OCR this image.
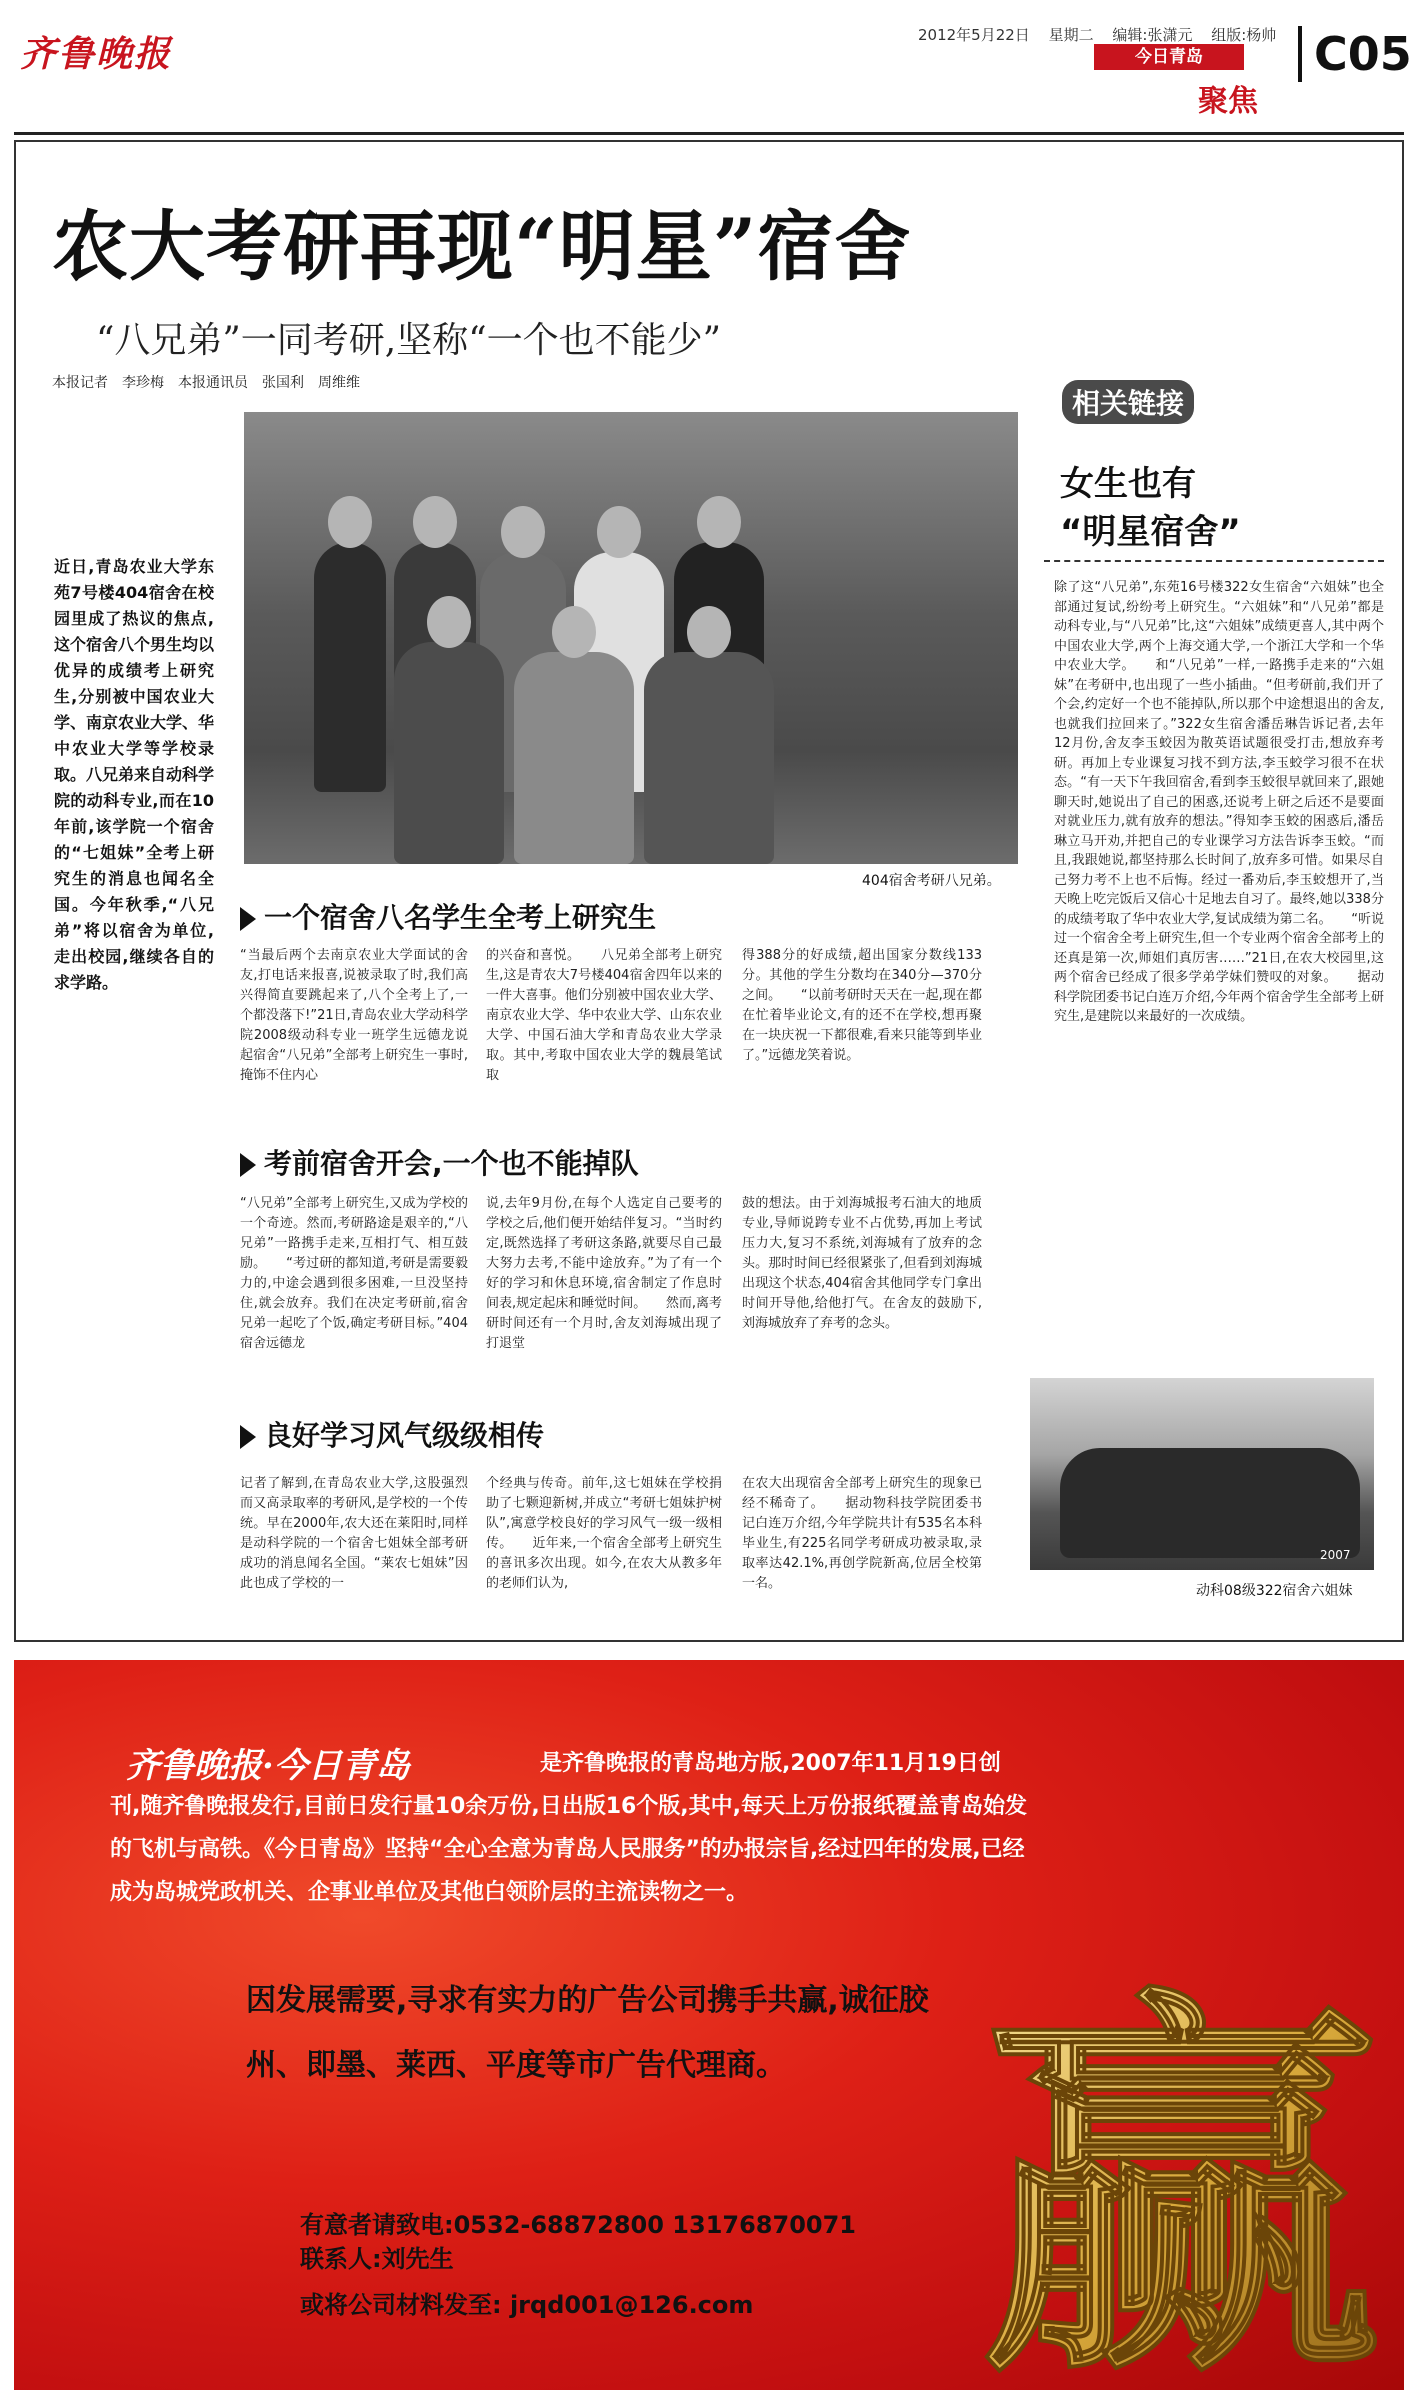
齐鲁晚报	2012年5月22日 星期二 编辑:张潇元 组版:杨帅
今日青岛
聚焦
C05
农大考研再现“明星”宿舍
“八兄弟”一同考研,坚称“一个也不能少”
本报记者　李珍梅　本报通讯员　张国利　周维维
404宿舍考研八兄弟。
近日,青岛农业大学东苑7号楼404宿舍在校园里成了热议的焦点,这个宿舍八个男生均以优异的成绩考上研究生,分别被中国农业大学、南京农业大学、华中农业大学等学校录取。八兄弟来自动科学院的动科专业,而在10年前,该学院一个宿舍的“七姐妹”全考上研究生的消息也闻名全国。今年秋季,“八兄弟”将以宿舍为单位,走出校园,继续各自的求学路。
一个宿舍八名学生全考上研究生
“当最后两个去南京农业大学面试的舍友,打电话来报喜,说被录取了时,我们高兴得简直要跳起来了,八个全考上了,一个都没落下!”21日,青岛农业大学动科学院2008级动科专业一班学生远德龙说起宿舍“八兄弟”全部考上研究生一事时,掩饰不住内心
的兴奋和喜悦。　　八兄弟全部考上研究生,这是青农大7号楼404宿舍四年以来的一件大喜事。他们分别被中国农业大学、南京农业大学、华中农业大学、山东农业大学、中国石油大学和青岛农业大学录取。其中,考取中国农业大学的魏晨笔试取
得388分的好成绩,超出国家分数线133分。其他的学生分数均在340分—370分之间。　　“以前考研时天天在一起,现在都在忙着毕业论文,有的还不在学校,想再聚在一块庆祝一下都很难,看来只能等到毕业了。”远德龙笑着说。
考前宿舍开会,一个也不能掉队
“八兄弟”全部考上研究生,又成为学校的一个奇迹。然而,考研路途是艰辛的,“八兄弟”一路携手走来,互相打气、相互鼓励。　　“考过研的都知道,考研是需要毅力的,中途会遇到很多困难,一旦没坚持住,就会放弃。我们在决定考研前,宿舍兄弟一起吃了个饭,确定考研目标。”404宿舍远德龙
说,去年9月份,在每个人选定自己要考的学校之后,他们便开始结伴复习。“当时约定,既然选择了考研这条路,就要尽自己最大努力去考,不能中途放弃。”为了有一个好的学习和休息环境,宿舍制定了作息时间表,规定起床和睡觉时间。　　然而,离考研时间还有一个月时,舍友刘海城出现了打退堂
鼓的想法。由于刘海城报考石油大的地质专业,导师说跨专业不占优势,再加上考试压力大,复习不系统,刘海城有了放弃的念头。那时时间已经很紧张了,但看到刘海城出现这个状态,404宿舍其他同学专门拿出时间开导他,给他打气。在舍友的鼓励下,刘海城放弃了弃考的念头。
良好学习风气级级相传
记者了解到,在青岛农业大学,这股强烈而又高录取率的考研风,是学校的一个传统。早在2000年,农大还在莱阳时,同样是动科学院的一个宿舍七姐妹全部考研成功的消息闻名全国。“莱农七姐妹”因此也成了学校的一
个经典与传奇。前年,这七姐妹在学校捐助了七颗迎新树,并成立“考研七姐妹护树队”,寓意学校良好的学习风气一级一级相传。　　近年来,一个宿舍全部考上研究生的喜讯多次出现。如今,在农大从教多年的老师们认为,
在农大出现宿舍全部考上研究生的现象已经不稀奇了。　　据动物科技学院团委书记白连万介绍,今年学院共计有535名本科毕业生,有225名同学考研成功被录取,录取率达42.1%,再创学院新高,位居全校第一名。
相关链接
女生也有
“明星宿舍”
除了这“八兄弟”,东苑16号楼322女生宿舍“六姐妹”也全部通过复试,纷纷考上研究生。“六姐妹”和“八兄弟”都是动科专业,与“八兄弟”比,这“六姐妹”成绩更喜人,其中两个中国农业大学,两个上海交通大学,一个浙江大学和一个华中农业大学。　　和“八兄弟”一样,一路携手走来的“六姐妹”在考研中,也出现了一些小插曲。“但考研前,我们开了个会,约定好一个也不能掉队,所以那个中途想退出的舍友,也就我们拉回来了。”322女生宿舍潘岳琳告诉记者,去年12月份,舍友李玉蛟因为散英语试题很受打击,想放弃考研。再加上专业课复习找不到方法,李玉蛟学习很不在状态。“有一天下午我回宿舍,看到李玉蛟很早就回来了,跟她聊天时,她说出了自己的困惑,还说考上研之后还不是要面对就业压力,就有放弃的想法。”得知李玉蛟的困惑后,潘岳琳立马开劝,并把自己的专业课学习方法告诉李玉蛟。“而且,我跟她说,都坚持那么长时间了,放弃多可惜。如果尽自己努力考不上也不后悔。经过一番劝后,李玉蛟想开了,当天晚上吃完饭后又信心十足地去自习了。最终,她以338分的成绩考取了华中农业大学,复试成绩为第二名。　　“听说过一个宿舍全考上研究生,但一个专业两个宿舍全部考上的还真是第一次,师姐们真厉害……”21日,在农大校园里,这两个宿舍已经成了很多学弟学妹们赞叹的对象。　　据动科学院团委书记白连万介绍,今年两个宿舍学生全部考上研究生,是建院以来最好的一次成绩。
2007
动科08级322宿舍六姐妹
齐鲁晚报·今日青岛	是齐鲁晚报的青岛地方版,2007年11月19日创刊,随齐鲁晚报发行,目前日发行量10余万份,日出版16个版,其中,每天上万份报纸覆盖青岛始发的飞机与高铁。《今日青岛》坚持“全心全意为青岛人民服务”的办报宗旨,经过四年的发展,已经成为岛城党政机关、企事业单位及其他白领阶层的主流读物之一。
因发展需要,寻求有实力的广告公司携手共赢,诚征胶州、即墨、莱西、平度等市广告代理商。
有意者请致电:0532-68872800 13176870071
联系人:刘先生
或将公司材料发至: jrqd001@126.com 赢
